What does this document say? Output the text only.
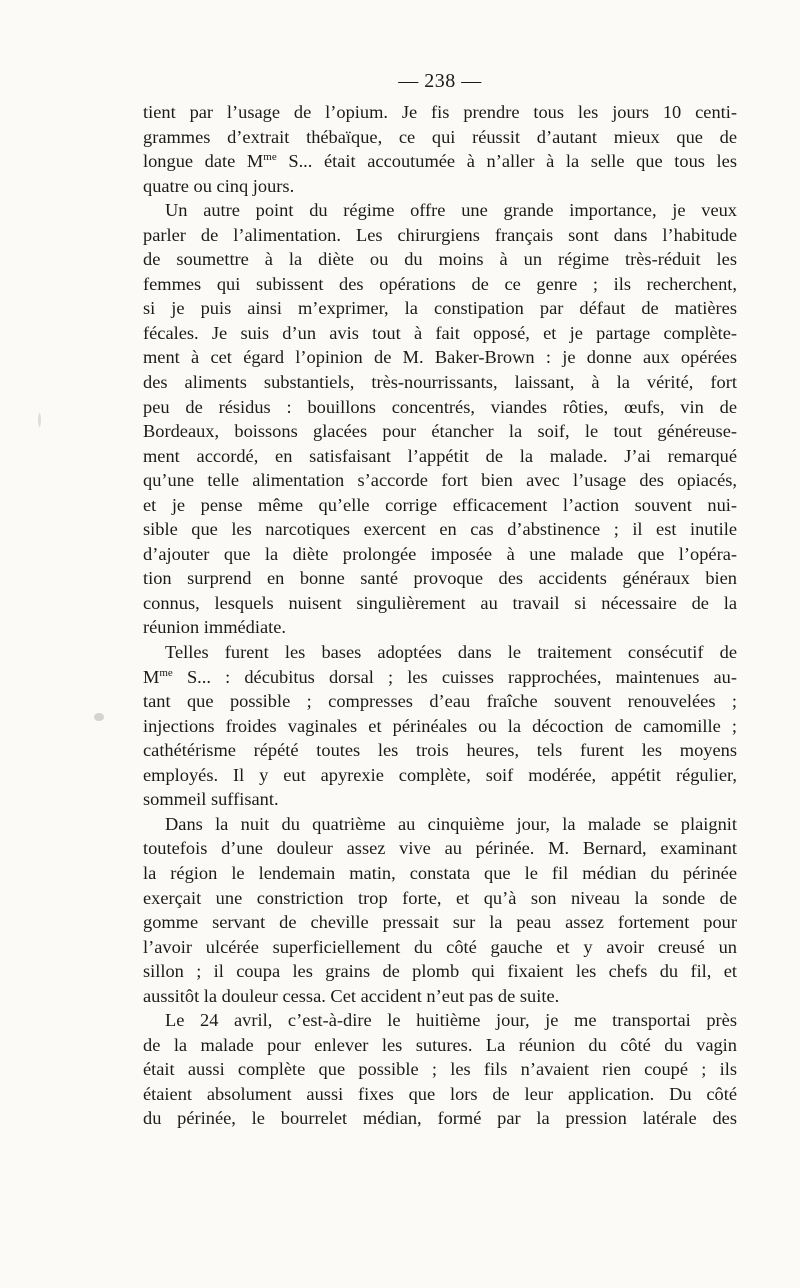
— 238 —
tient par l’usage de l’opium. Je fis prendre tous les jours 10 centi-
grammes d’extrait thébaïque, ce qui réussit d’autant mieux que de
longue date $M^{me}$ S... était accoutumée à n’aller à la selle que tous les
quatre ou cinq jours.
Un autre point du régime offre une grande importance, je veux
parler de l’alimentation. Les chirurgiens français sont dans l’habitude
de soumettre à la diète ou du moins à un régime très-réduit les
femmes qui subissent des opérations de ce genre ; ils recherchent,
si je puis ainsi m’exprimer, la constipation par défaut de matières
fécales. Je suis d’un avis tout à fait opposé, et je partage complète-
ment à cet égard l’opinion de M. Baker-Brown : je donne aux opérées
des aliments substantiels, très-nourrissants, laissant, à la vérité, fort
peu de résidus : bouillons concentrés, viandes rôties, œufs, vin de
Bordeaux, boissons glacées pour étancher la soif, le tout généreuse-
ment accordé, en satisfaisant l’appétit de la malade. J’ai remarqué
qu’une telle alimentation s’accorde fort bien avec l’usage des opiacés,
et je pense même qu’elle corrige efficacement l’action souvent nui-
sible que les narcotiques exercent en cas d’abstinence ; il est inutile
d’ajouter que la diète prolongée imposée à une malade que l’opéra-
tion surprend en bonne santé provoque des accidents généraux bien
connus, lesquels nuisent singulièrement au travail si nécessaire de la
réunion immédiate.
Telles furent les bases adoptées dans le traitement consécutif de
$M^{me}$ S... : décubitus dorsal ; les cuisses rapprochées, maintenues au-
tant que possible ; compresses d’eau fraîche souvent renouvelées ;
injections froides vaginales et périnéales ou la décoction de camomille ;
cathétérisme répété toutes les trois heures, tels furent les moyens
employés. Il y eut apyrexie complète, soif modérée, appétit régulier,
sommeil suffisant.
Dans la nuit du quatrième au cinquième jour, la malade se plaignit
toutefois d’une douleur assez vive au périnée. M. Bernard, examinant
la région le lendemain matin, constata que le fil médian du périnée
exerçait une constriction trop forte, et qu’à son niveau la sonde de
gomme servant de cheville pressait sur la peau assez fortement pour
l’avoir ulcérée superficiellement du côté gauche et y avoir creusé un
sillon ; il coupa les grains de plomb qui fixaient les chefs du fil, et
aussitôt la douleur cessa. Cet accident n’eut pas de suite.
Le 24 avril, c’est-à-dire le huitième jour, je me transportai près
de la malade pour enlever les sutures. La réunion du côté du vagin
était aussi complète que possible ; les fils n’avaient rien coupé ; ils
étaient absolument aussi fixes que lors de leur application. Du côté
du périnée, le bourrelet médian, formé par la pression latérale des
